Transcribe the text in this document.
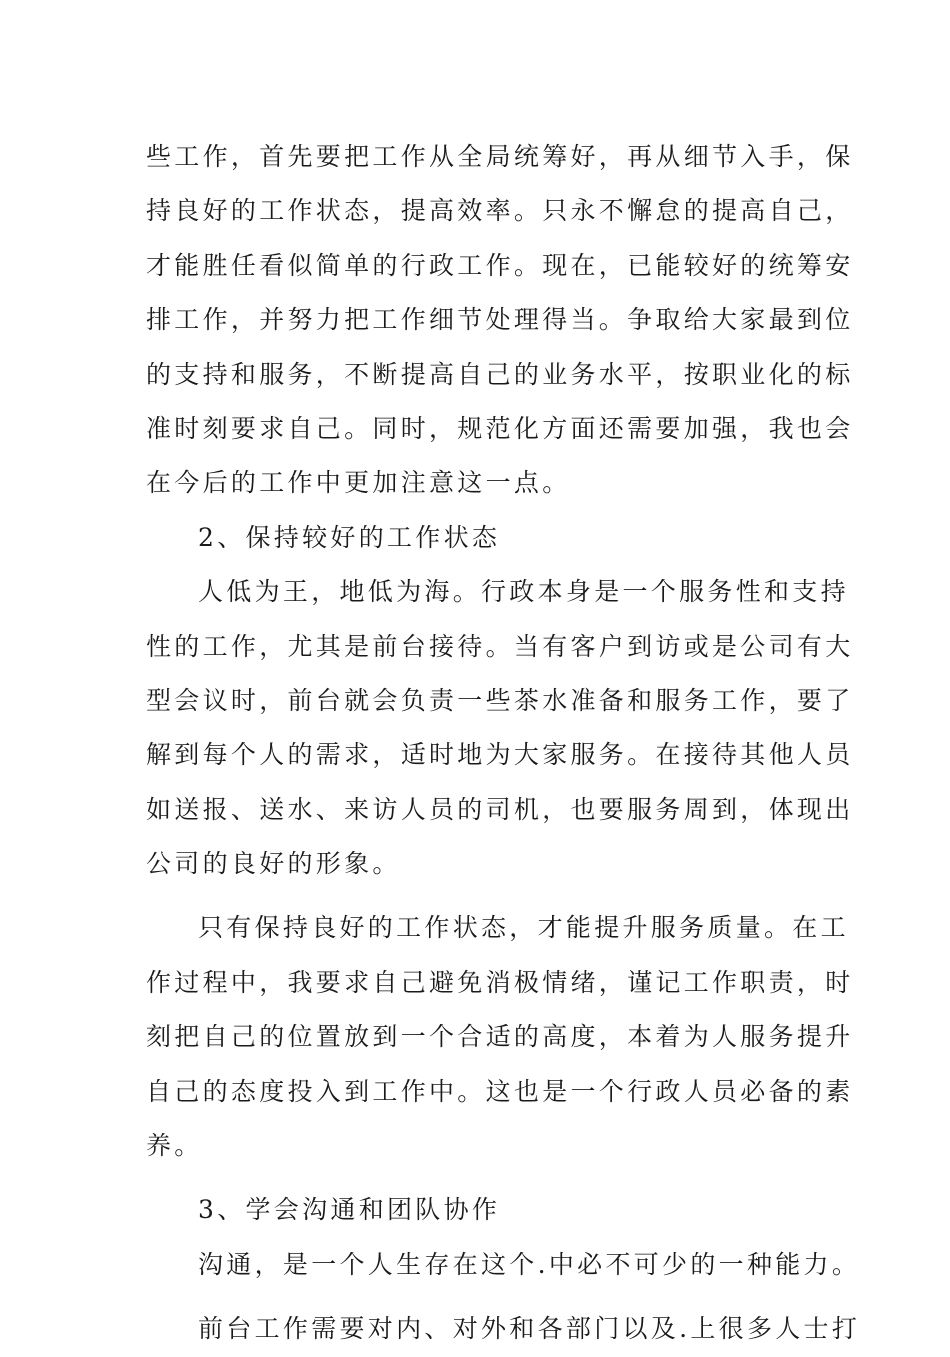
些工作，首先要把工作从全局统筹好，再从细节入手，保
持良好的工作状态，提高效率。只永不懈怠的提高自己，
才能胜任看似简单的行政工作。现在，已能较好的统筹安
排工作，并努力把工作细节处理得当。争取给大家最到位
的支持和服务，不断提高自己的业务水平，按职业化的标
准时刻要求自己。同时，规范化方面还需要加强，我也会
在今后的工作中更加注意这一点。
2、保持较好的工作状态
人低为王，地低为海。行政本身是一个服务性和支持
性的工作，尤其是前台接待。当有客户到访或是公司有大
型会议时，前台就会负责一些茶水准备和服务工作，要了
解到每个人的需求，适时地为大家服务。在接待其他人员
如送报、送水、来访人员的司机，也要服务周到，体现出
公司的良好的形象。
只有保持良好的工作状态，才能提升服务质量。在工
作过程中，我要求自己避免消极情绪，谨记工作职责，时
刻把自己的位置放到一个合适的高度，本着为人服务提升
自己的态度投入到工作中。这也是一个行政人员必备的素
养。
3、学会沟通和团队协作
沟通，是一个人生存在这个.中必不可少的一种能力。
前台工作需要对内、对外和各部门以及.上很多人士打
